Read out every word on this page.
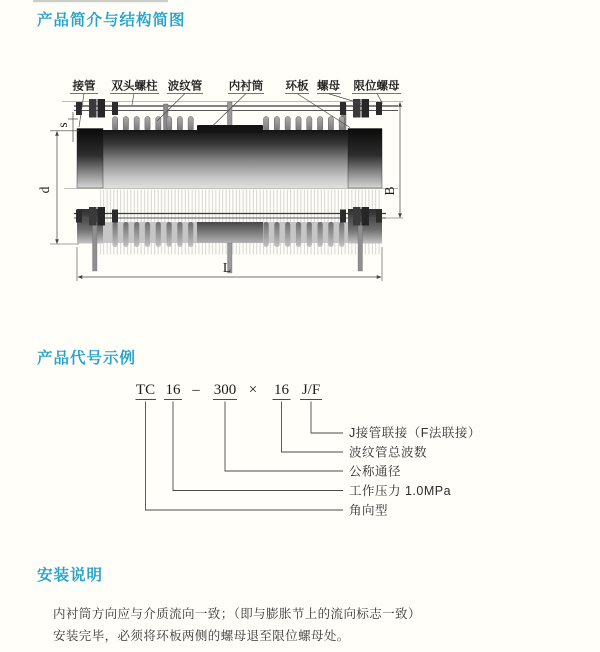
产品简介与结构简图
产品代号示例
安装说明
内衬筒方向应与介质流向一致；（即与膨胀节上的流向标志一致）
安装完毕，必须将环板两侧的螺母退至限位螺母处。
接管 双头螺柱 波纹管 内衬筒 环板 螺母 限位螺母
s
d	B
L
TC 16 – 300 × 16 J/F
J接管联接（F法联接）
波纹管总波数
公称通径
工作压力 1.0MPa
角向型
